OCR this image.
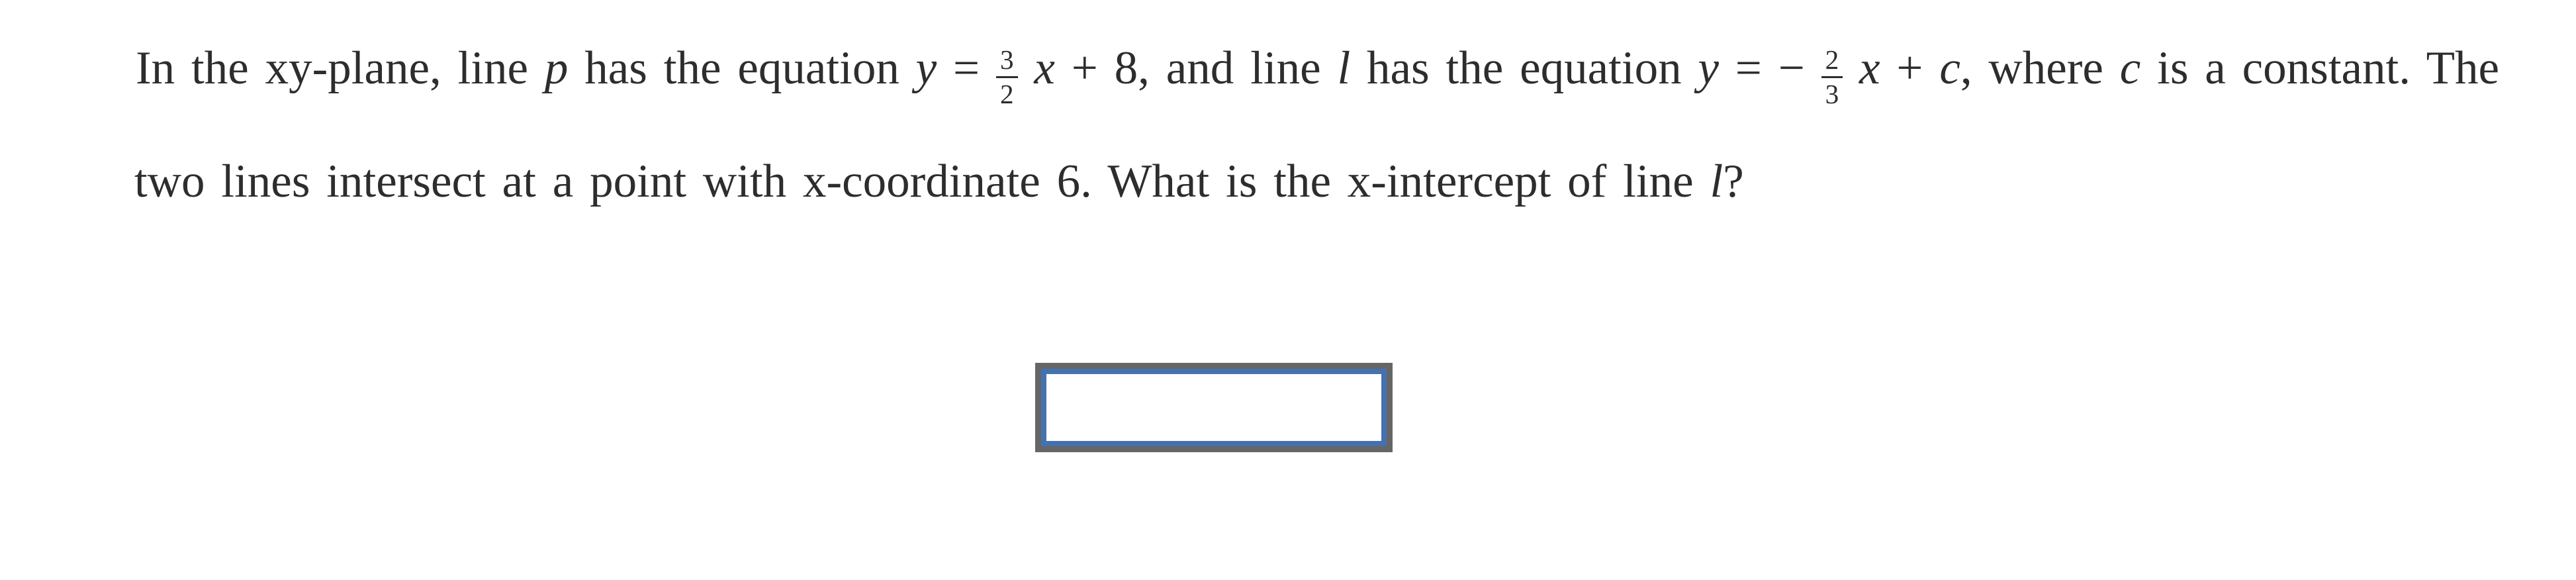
In the xy-plane, line p has the equation $y = \frac{3}{2}$ x + 8, and line l has the equation y = − $\frac{2}{3}$ x + c, where c is a constant. The
two lines intersect at a point with x-coordinate 6. What is the x-intercept of line l?
